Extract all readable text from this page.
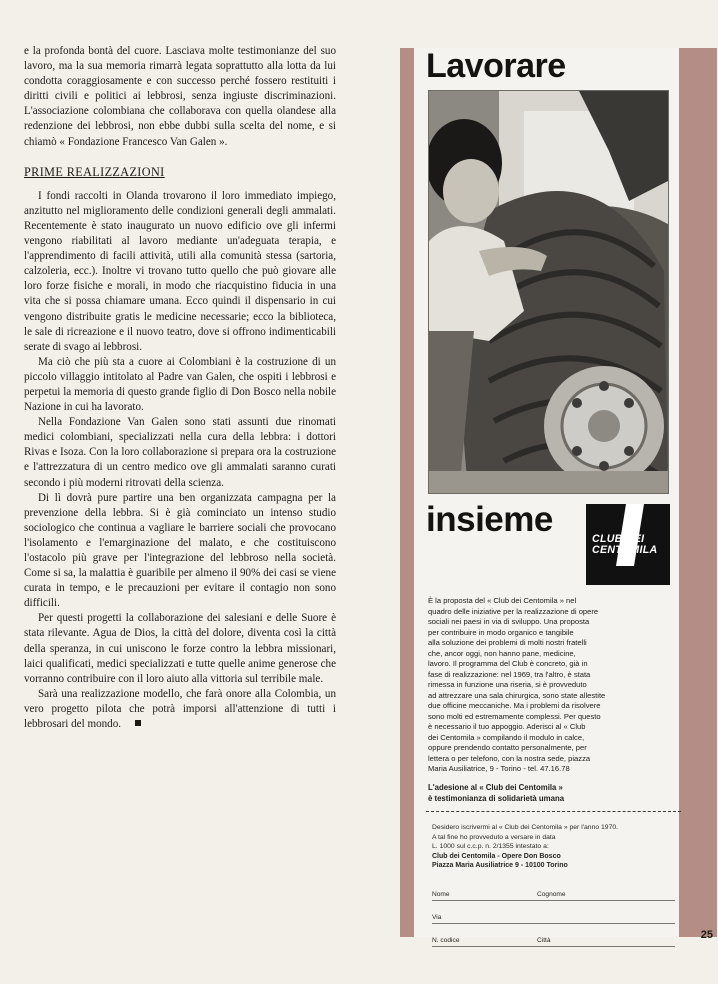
e la profonda bontà del cuore. Lasciava molte testimonianze del suo lavoro, ma la sua memoria rimarrà legata soprattutto alla lotta da lui condotta coraggiosamente e con successo perché fossero restituiti i diritti civili e politici ai lebbrosi, senza ingiuste discriminazioni. L'associazione colombiana che collaborava con quella olandese alla redenzione dei lebbrosi, non ebbe dubbi sulla scelta del nome, e si chiamò « Fondazione Francesco Van Galen ».

PRIME REALIZZAZIONI

I fondi raccolti in Olanda trovarono il loro immediato impiego, anzitutto nel miglioramento delle condizioni generali degli ammalati. Recentemente è stato inaugurato un nuovo edificio ove gli infermi vengono riabilitati al lavoro mediante un'adeguata terapia, e l'apprendimento di facili attività, utili alla comunità stessa (sartoria, calzoleria, ecc.). Inoltre vi trovano tutto quello che può giovare alle loro forze fisiche e morali, in modo che riacquistino fiducia in una vita che si possa chiamare umana. Ecco quindi il dispensario in cui vengono distribuite gratis le medicine necessarie; ecco la biblioteca, le sale di ricreazione e il nuovo teatro, dove si offrono indimenticabili serate di svago ai lebbrosi.

Ma ciò che più sta a cuore ai Colombiani è la costruzione di un piccolo villaggio intitolato al Padre van Galen, che ospiti i lebbrosi e perpetui la memoria di questo grande figlio di Don Bosco nella nobile Nazione in cui ha lavorato.

Nella Fondazione Van Galen sono stati assunti due rinomati medici colombiani, specializzati nella cura della lebbra: i dottori Rivas e Isoza. Con la loro collaborazione si prepara ora la costruzione e l'attrezzatura di un centro medico ove gli ammalati saranno curati secondo i più moderni ritrovati della scienza.

Di lì dovrà pure partire una ben organizzata campagna per la prevenzione della lebbra. Si è già cominciato un intenso studio sociologico che continua a vagliare le barriere sociali che provocano l'isolamento e l'emarginazione del malato, e che costituiscono l'ostacolo più grave per l'integrazione del lebbroso nella società. Come si sa, la malattia è guaribile per almeno il 90% dei casi se viene curata in tempo, e le precauzioni per evitare il contagio non sono difficili.

Per questi progetti la collaborazione dei salesiani e delle Suore è stata rilevante. Agua de Dios, la città del dolore, diventa così la città della speranza, in cui uniscono le forze contro la lebbra missionari, laici qualificati, medici specializzati e tutte quelle anime generose che vorranno contribuire con il loro aiuto alla vittoria sul terribile male.

Sarà una realizzazione modello, che farà onore alla Colombia, un vero progetto pilota che potrà imporsi all'attenzione di tutti i lebbrosari del mondo.

Lavorare
insieme	CLUB DEI
CENTOMILA
È la proposta del « Club dei Centomila » nel
quadro delle iniziative per la realizzazione di opere
sociali nei paesi in via di sviluppo. Una proposta
per contribuire in modo organico e tangibile
alla soluzione dei problemi di molti nostri fratelli
che, ancor oggi, non hanno pane, medicine,
lavoro. Il programma del Club è concreto, già in
fase di realizzazione: nel 1969, tra l'altro, è stata
rimessa in funzione una riseria, si è provveduto
ad attrezzare una sala chirurgica, sono state allestite
due officine meccaniche. Ma i problemi da risolvere
sono molti ed estremamente complessi. Per questo
è necessario il tuo appoggio. Aderisci al « Club
dei Centomila » compilando il modulo in calce,
oppure prendendo contatto personalmente, per
lettera o per telefono, con la nostra sede, piazza
Maria Ausiliatrice, 9 - Torino - tel. 47.16.78
L'adesione al « Club dei Centomila »
è testimonianza di solidarietà umana
Desidero iscrivermi al « Club dei Centomila » per l'anno 1970.
A tal fine ho provveduto a versare in data
L. 1000 sul c.c.p. n. 2/1355 intestato a:
Club dei Centomila - Opere Don Bosco
Piazza Maria Ausiliatrice 9 - 10100 Torino
Nome	Cognome
Via
N. codice	Città	25
